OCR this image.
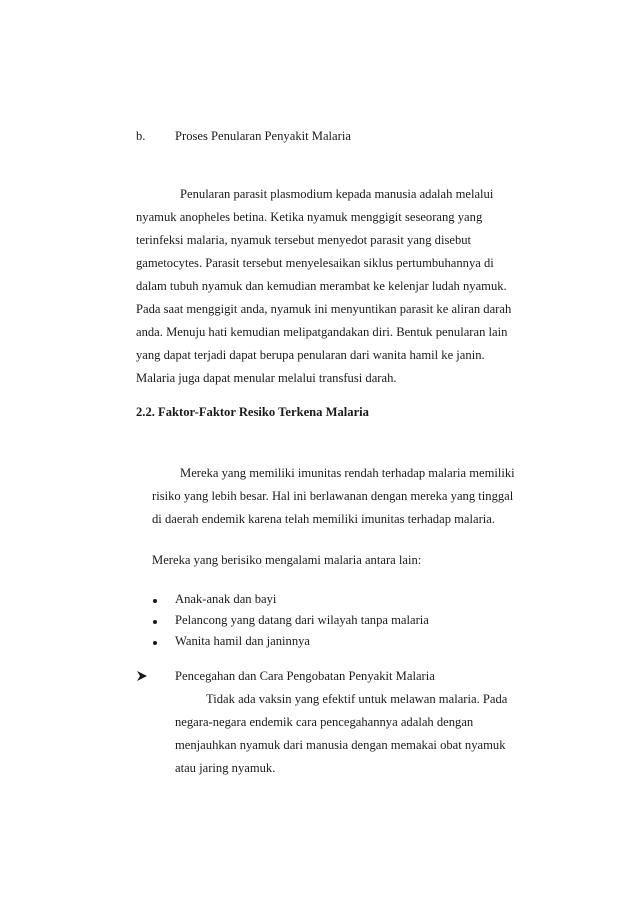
b. Proses Penularan Penyakit Malaria
Penularan parasit plasmodium kepada manusia adalah melalui
nyamuk anopheles betina. Ketika nyamuk menggigit seseorang yang
terinfeksi malaria, nyamuk tersebut menyedot parasit yang disebut
gametocytes. Parasit tersebut menyelesaikan siklus pertumbuhannya di
dalam tubuh nyamuk dan kemudian merambat ke kelenjar ludah nyamuk.
Pada saat menggigit anda, nyamuk ini menyuntikan parasit ke aliran darah
anda. Menuju hati kemudian melipatgandakan diri. Bentuk penularan lain
yang dapat terjadi dapat berupa penularan dari wanita hamil ke janin.
Malaria juga dapat menular melalui transfusi darah.
2.2. Faktor-Faktor Resiko Terkena Malaria
Mereka yang memiliki imunitas rendah terhadap malaria memiliki
risiko yang lebih besar. Hal ini berlawanan dengan mereka yang tinggal
di daerah endemik karena telah memiliki imunitas terhadap malaria.
Mereka yang berisiko mengalami malaria antara lain:
Anak-anak dan bayi
Pelancong yang datang dari wilayah tanpa malaria
Wanita hamil dan janinnya
Pencegahan dan Cara Pengobatan Penyakit Malaria
Tidak ada vaksin yang efektif untuk melawan malaria. Pada
negara-negara endemik cara pencegahannya adalah dengan
menjauhkan nyamuk dari manusia dengan memakai obat nyamuk
atau jaring nyamuk.
